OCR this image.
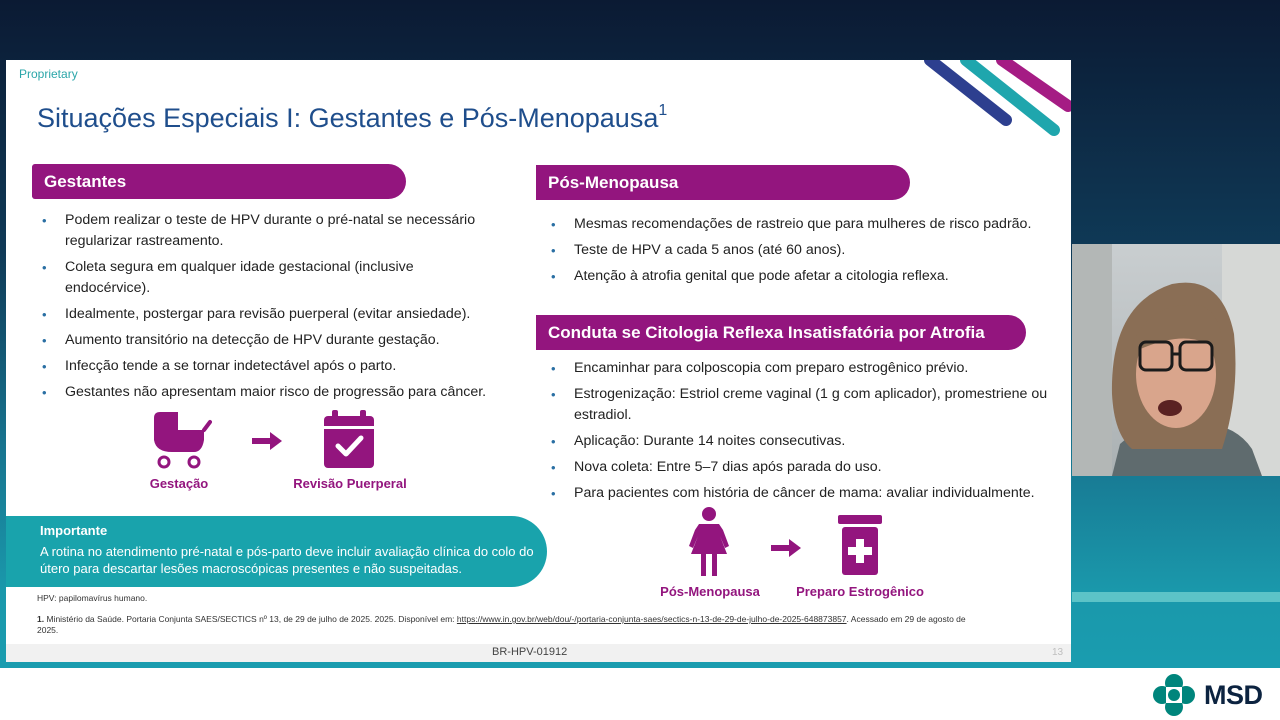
MSD
Proprietary
Situações Especiais I: Gestantes e Pós-Menopausa$^1$
Gestantes
• Podem realizar o teste de HPV durante o pré-natal se necessário regularizar rastreamento.
• Coleta segura em qualquer idade gestacional (inclusive endocérvice).
• Idealmente, postergar para revisão puerperal (evitar ansiedade).
• Aumento transitório na detecção de HPV durante gestação.
• Infecção tende a se tornar indetectável após o parto.
• Gestantes não apresentam maior risco de progressão para câncer.
Gestação	Revisão Puerperal
Pós-Menopausa
• Mesmas recomendações de rastreio que para mulheres de risco padrão.
• Teste de HPV a cada 5 anos (até 60 anos).
• Atenção à atrofia genital que pode afetar a citologia reflexa.
Conduta se Citologia Reflexa Insatisfatória por Atrofia
• Encaminhar para colposcopia com preparo estrogênico prévio.
• Estrogenização: Estriol creme vaginal (1 g com aplicador), promestriene ou estradiol.
• Aplicação: Durante 14 noites consecutivas.
• Nova coleta: Entre 5–7 dias após parada do uso.
• Para pacientes com história de câncer de mama: avaliar individualmente.
Pós-Menopausa	Preparo Estrogênico
Importante
A rotina no atendimento pré-natal e pós-parto deve incluir avaliação clínica do colo do útero para descartar lesões macroscópicas presentes e não suspeitadas.
HPV: papilomavírus humano.
1. Ministério da Saúde. Portaria Conjunta SAES/SECTICS nº 13, de 29 de julho de 2025. 2025. Disponível em: https://www.in.gov.br/web/dou/-/portaria-conjunta-saes/sectics-n-13-de-29-de-julho-de-2025-648873857. Acessado em 29 de agosto de 2025.
BR-HPV-01912	13
